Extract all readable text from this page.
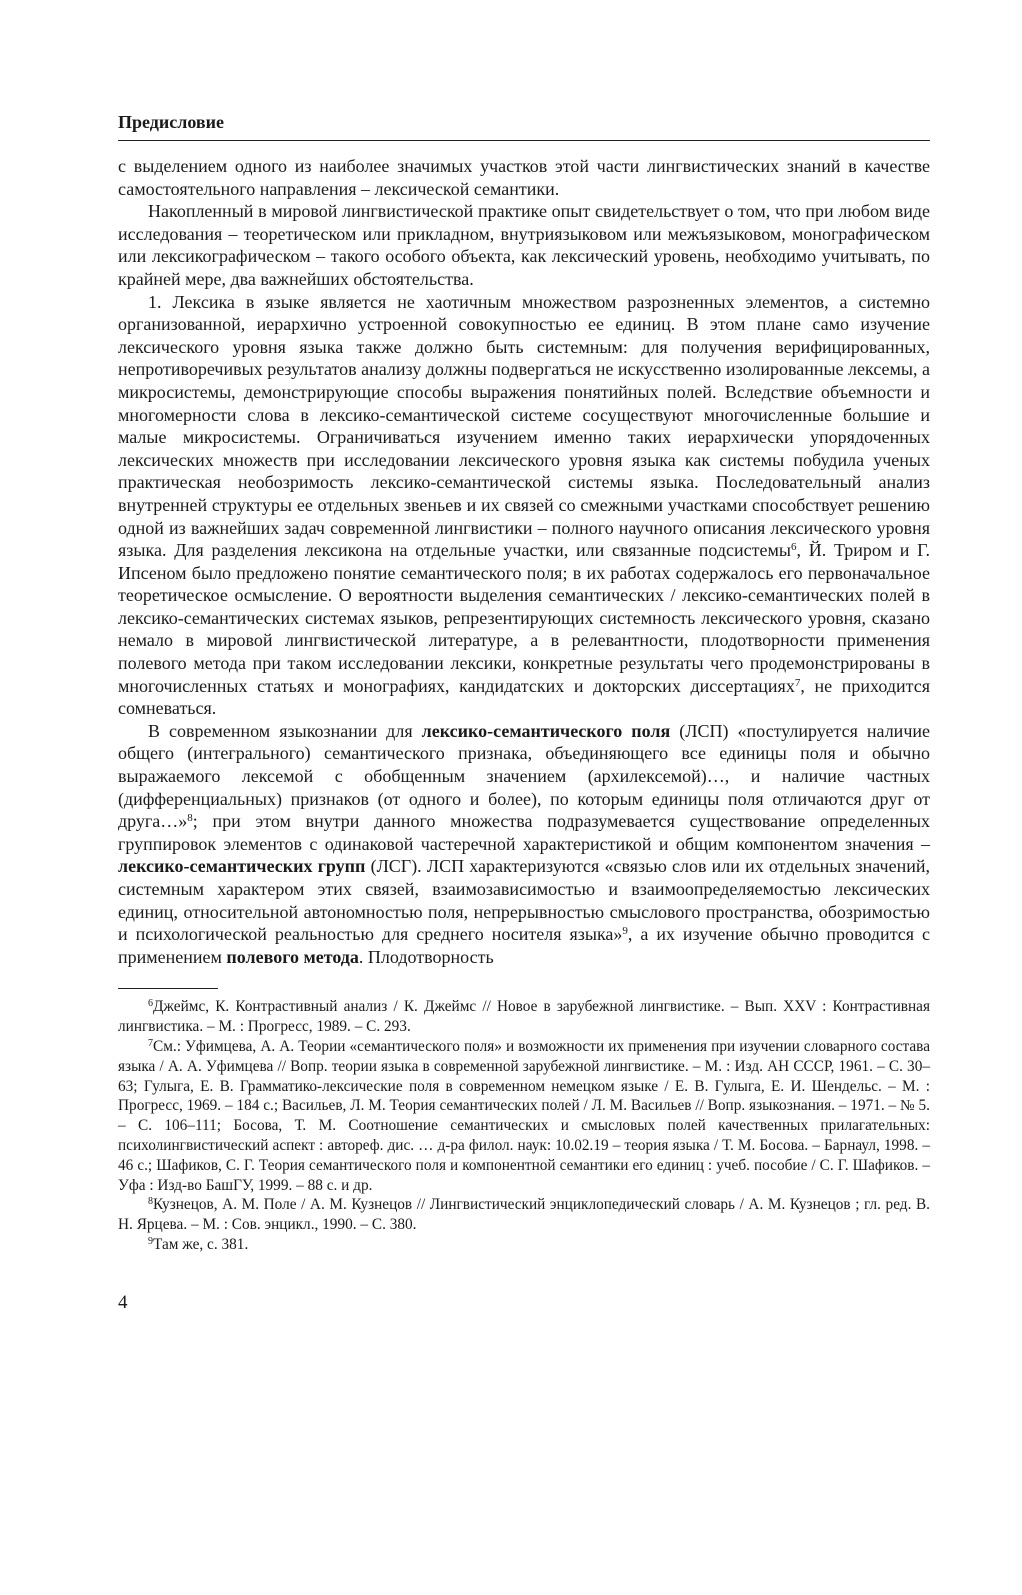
Предисловие

с выделением одного из наиболее значимых участков этой части лингвистических знаний в качестве самостоятельного направления – лексической семантики.

Накопленный в мировой лингвистической практике опыт свидетельствует о том, что при любом виде исследования – теоретическом или прикладном, внутриязыковом или межъязыковом, монографическом или лексикографическом – такого особого объекта, как лексический уровень, необходимо учитывать, по крайней мере, два важнейших обстоятельства.

1. Лексика в языке является не хаотичным множеством разрозненных элементов, а системно организованной, иерархично устроенной совокупностью ее единиц. В этом плане само изучение лексического уровня языка также должно быть системным: для получения верифицированных, непротиворечивых результатов анализу должны подвергаться не искусственно изолированные лексемы, а микросистемы, демонстрирующие способы выражения понятийных полей. Вследствие объемности и многомерности слова в лексико-семантической системе сосуществуют многочисленные большие и малые микросистемы. Ограничиваться изучением именно таких иерархически упорядоченных лексических множеств при исследовании лексического уровня языка как системы побудила ученых практическая необозримость лексико-семантической системы языка. Последовательный анализ внутренней структуры ее отдельных звеньев и их связей со смежными участками способствует решению одной из важнейших задач современной лингвистики – полного научного описания лексического уровня языка. Для разделения лексикона на отдельные участки, или связанные подсистемы$^6$, Й. Триром и Г. Ипсеном было предложено понятие семантического поля; в их работах содержалось его первоначальное теоретическое осмысление. О вероятности выделения семантических / лексико-семантических полей в лексико-семантических системах языков, репрезентирующих системность лексического уровня, сказано немало в мировой лингвистической литературе, а в релевантности, плодотворности применения полевого метода при таком исследовании лексики, конкретные результаты чего продемонстрированы в многочисленных статьях и монографиях, кандидатских и докторских диссертациях$^7$, не приходится сомневаться.

В современном языкознании для лексико-семантического поля (ЛСП) «постулируется наличие общего (интегрального) семантического признака, объединяющего все единицы поля и обычно выражаемого лексемой с обобщенным значением (архилексемой)…, и наличие частных (дифференциальных) признаков (от одного и более), по которым единицы поля отличаются друг от друга…»$^8$; при этом внутри данного множества подразумевается существование определенных группировок элементов с одинаковой частеречной характеристикой и общим компонентом значения – лексико-семантических групп (ЛСГ). ЛСП характеризуются «связью слов или их отдельных значений, системным характером этих связей, взаимозависимостью и взаимоопределяемостью лексических единиц, относительной автономностью поля, непрерывностью смыслового пространства, обозримостью и психологической реальностью для среднего носителя языка»$^9$, а их изучение обычно проводится с применением полевого метода. Плодотворность

$^6$Джеймс, К. Контрастивный анализ / К. Джеймс // Новое в зарубежной лингвистике. – Вып. XXV : Контрастивная лингвистика. – М. : Прогресс, 1989. – С. 293.

$^7$См.: Уфимцева, А. А. Теории «семантического поля» и возможности их применения при изучении словарного состава языка / А. А. Уфимцева // Вопр. теории языка в современной зарубежной лингвистике. – М. : Изд. АН СССР, 1961. – С. 30–63; Гулыга, Е. В. Грамматико-лексические поля в современном немецком языке / Е. В. Гулыга, Е. И. Шендельс. – М. : Прогресс, 1969. – 184 с.; Васильев, Л. М. Теория семантических полей / Л. М. Васильев // Вопр. языкознания. – 1971. – № 5. – С. 106–111; Босова, Т. М. Соотношение семантических и смысловых полей качественных прилагательных: психолингвистический аспект : автореф. дис. … д-ра филол. наук: 10.02.19 – теория языка / Т. М. Босова. – Барнаул, 1998. – 46 с.; Шафиков, С. Г. Теория семантического поля и компонентной семантики его единиц : учеб. пособие / С. Г. Шафиков. – Уфа : Изд-во БашГУ, 1999. – 88 с. и др.

$^8$Кузнецов, А. М. Поле / А. М. Кузнецов // Лингвистический энциклопедический словарь / А. М. Кузнецов ; гл. ред. В. Н. Ярцева. – М. : Сов. энцикл., 1990. – С. 380.

$^9$Там же, с. 381.

4
